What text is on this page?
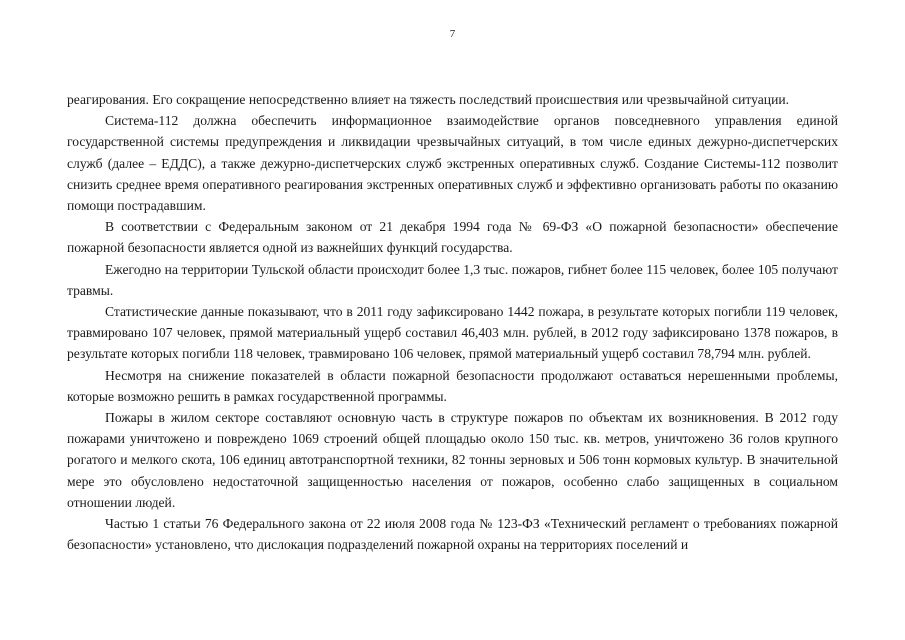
7

реагирования. Его сокращение непосредственно влияет на тяжесть последствий происшествия или чрезвычайной ситуации.

Система-112 должна обеспечить информационное взаимодействие органов повседневного управления единой государственной системы предупреждения и ликвидации чрезвычайных ситуаций, в том числе единых дежурно-диспетчерских служб (далее – ЕДДС), а также дежурно-диспетчерских служб экстренных оперативных служб. Создание Системы-112 позволит снизить среднее время оперативного реагирования экстренных оперативных служб и эффективно организовать работы по оказанию помощи пострадавшим.

В соответствии с Федеральным законом от 21 декабря 1994 года № 69-ФЗ «О пожарной безопасности» обеспечение пожарной безопасности является одной из важнейших функций государства.

Ежегодно на территории Тульской области происходит более 1,3 тыс. пожаров, гибнет более 115 человек, более 105 получают травмы.

Статистические данные показывают, что в 2011 году зафиксировано 1442 пожара, в результате которых погибли 119 человек, травмировано 107 человек, прямой материальный ущерб составил 46,403 млн. рублей, в 2012 году зафиксировано 1378 пожаров, в результате которых погибли 118 человек, травмировано 106 человек, прямой материальный ущерб составил 78,794 млн. рублей.

Несмотря на снижение показателей в области пожарной безопасности продолжают оставаться нерешенными проблемы, которые возможно решить в рамках государственной программы.

Пожары в жилом секторе составляют основную часть в структуре пожаров по объектам их возникновения. В 2012 году пожарами уничтожено и повреждено 1069 строений общей площадью около 150 тыс. кв. метров, уничтожено 36 голов крупного рогатого и мелкого скота, 106 единиц автотранспортной техники, 82 тонны зерновых и 506 тонн кормовых культур. В значительной мере это обусловлено недостаточной защищенностью населения от пожаров, особенно слабо защищенных в социальном отношении людей.

Частью 1 статьи 76 Федерального закона от 22 июля 2008 года № 123-ФЗ «Технический регламент о требованиях пожарной безопасности» установлено, что дислокация подразделений пожарной охраны на территориях поселений и
